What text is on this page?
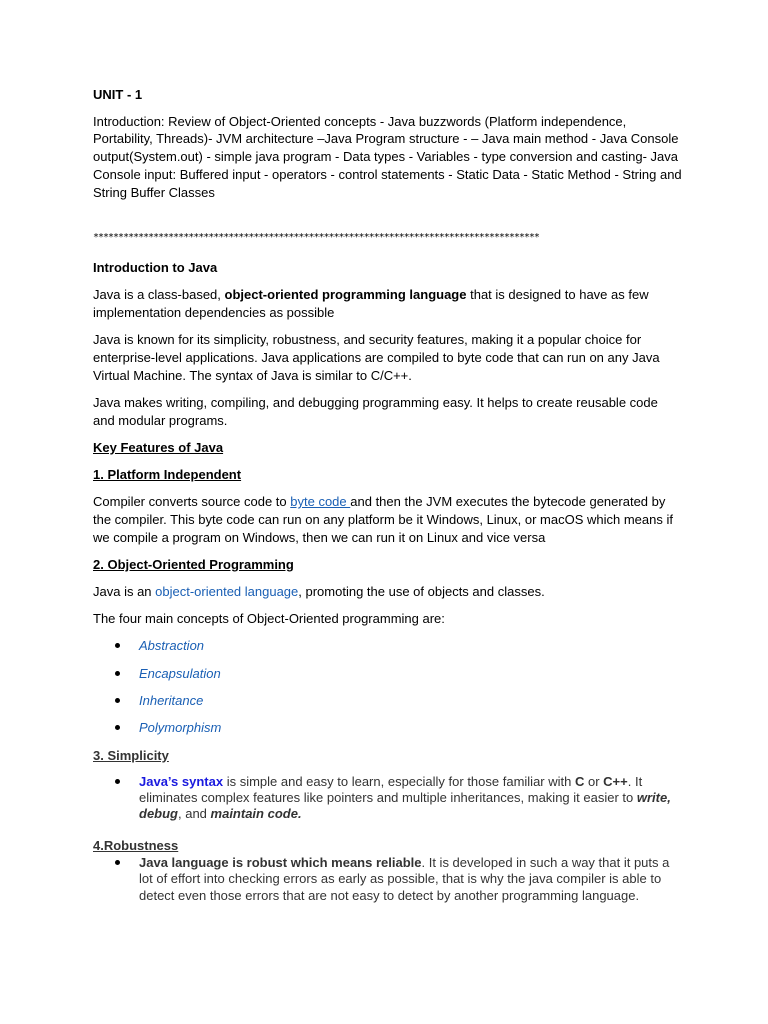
UNIT - 1

Introduction: Review of Object-Oriented concepts - Java buzzwords (Platform independence, Portability, Threads)- JVM architecture –Java Program structure - – Java main method - Java Console output(System.out) - simple java program - Data types - Variables - type conversion and casting- Java Console input: Buffered input - operators - control statements - Static Data - Static Method - String and String Buffer Classes

*****************************************************************************************

Introduction to Java

Java is a class-based, object-oriented programming language that is designed to have as few implementation dependencies as possible

Java is known for its simplicity, robustness, and security features, making it a popular choice for enterprise-level applications. Java applications are compiled to byte code that can run on any Java Virtual Machine. The syntax of Java is similar to C/C++.

Java makes writing, compiling, and debugging programming easy. It helps to create reusable code and modular programs.

Key Features of Java

1. Platform Independent

Compiler converts source code to byte code and then the JVM executes the bytecode generated by the compiler. This byte code can run on any platform be it Windows, Linux, or macOS which means if we compile a program on Windows, then we can run it on Linux and vice versa

2. Object-Oriented Programming

Java is an object-oriented language, promoting the use of objects and classes.

The four main concepts of Object-Oriented programming are:

Abstraction
Encapsulation
Inheritance
Polymorphism

3. Simplicity

Java’s syntax is simple and easy to learn, especially for those familiar with C or C++. It eliminates complex features like pointers and multiple inheritances, making it easier to write, debug, and maintain code.

4.Robustness

Java language is robust which means reliable. It is developed in such a way that it puts a lot of effort into checking errors as early as possible, that is why the java compiler is able to detect even those errors that are not easy to detect by another programming language.
